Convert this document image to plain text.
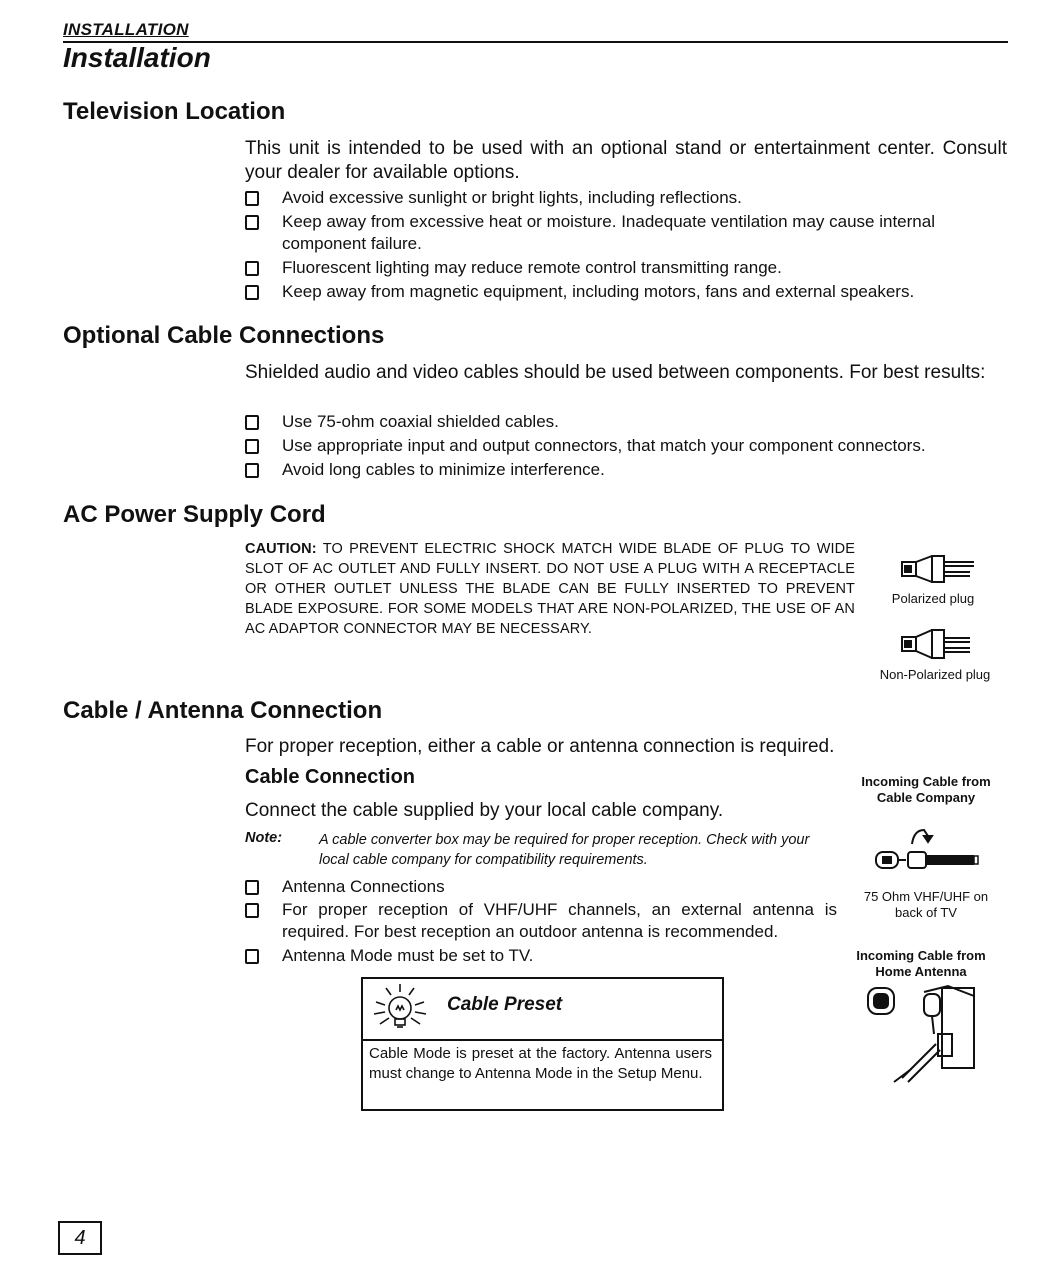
INSTALLATION
Installation
Television Location
This unit is intended to be used with an optional stand or entertainment center. Consult your dealer for available options.
Avoid excessive sunlight or bright lights, including reflections.
Keep away from excessive heat or moisture. Inadequate ventilation may cause internal component failure.
Fluorescent lighting may reduce remote control transmitting range.
Keep away from magnetic equipment, including motors, fans and external speakers.
Optional Cable Connections
Shielded audio and video cables should be used between components. For best results:
Use 75-ohm coaxial shielded cables.
Use appropriate input and output connectors, that match your component connectors.
Avoid long cables to minimize interference.
AC Power Supply Cord
CAUTION: TO PREVENT ELECTRIC SHOCK MATCH WIDE BLADE OF PLUG TO WIDE SLOT OF AC OUTLET AND FULLY INSERT. DO NOT USE A PLUG WITH A RECEPTACLE OR OTHER OUTLET UNLESS THE BLADE CAN BE FULLY INSERTED TO PREVENT BLADE EXPOSURE. FOR SOME MODELS THAT ARE NON-POLARIZED, THE USE OF AN AC ADAPTOR CONNECTOR MAY BE NECESSARY.
Polarized plug
Non-Polarized plug
Cable / Antenna Connection
For proper reception, either a cable or antenna connection is required.
Cable Connection
Connect the cable supplied by your local cable company.
Note:	A cable converter box may be required for proper reception. Check with your local cable company for compatibility requirements.
Antenna Connections
For proper reception of VHF/UHF channels, an external antenna is required. For best reception an outdoor antenna is recommended.
Antenna Mode must be set to TV.
Incoming Cable from Cable Company
75 Ohm VHF/UHF on back of TV
Incoming Cable from Home Antenna
Cable Preset
Cable Mode is preset at the factory. Antenna users must change to Antenna Mode in the Setup Menu.
4
